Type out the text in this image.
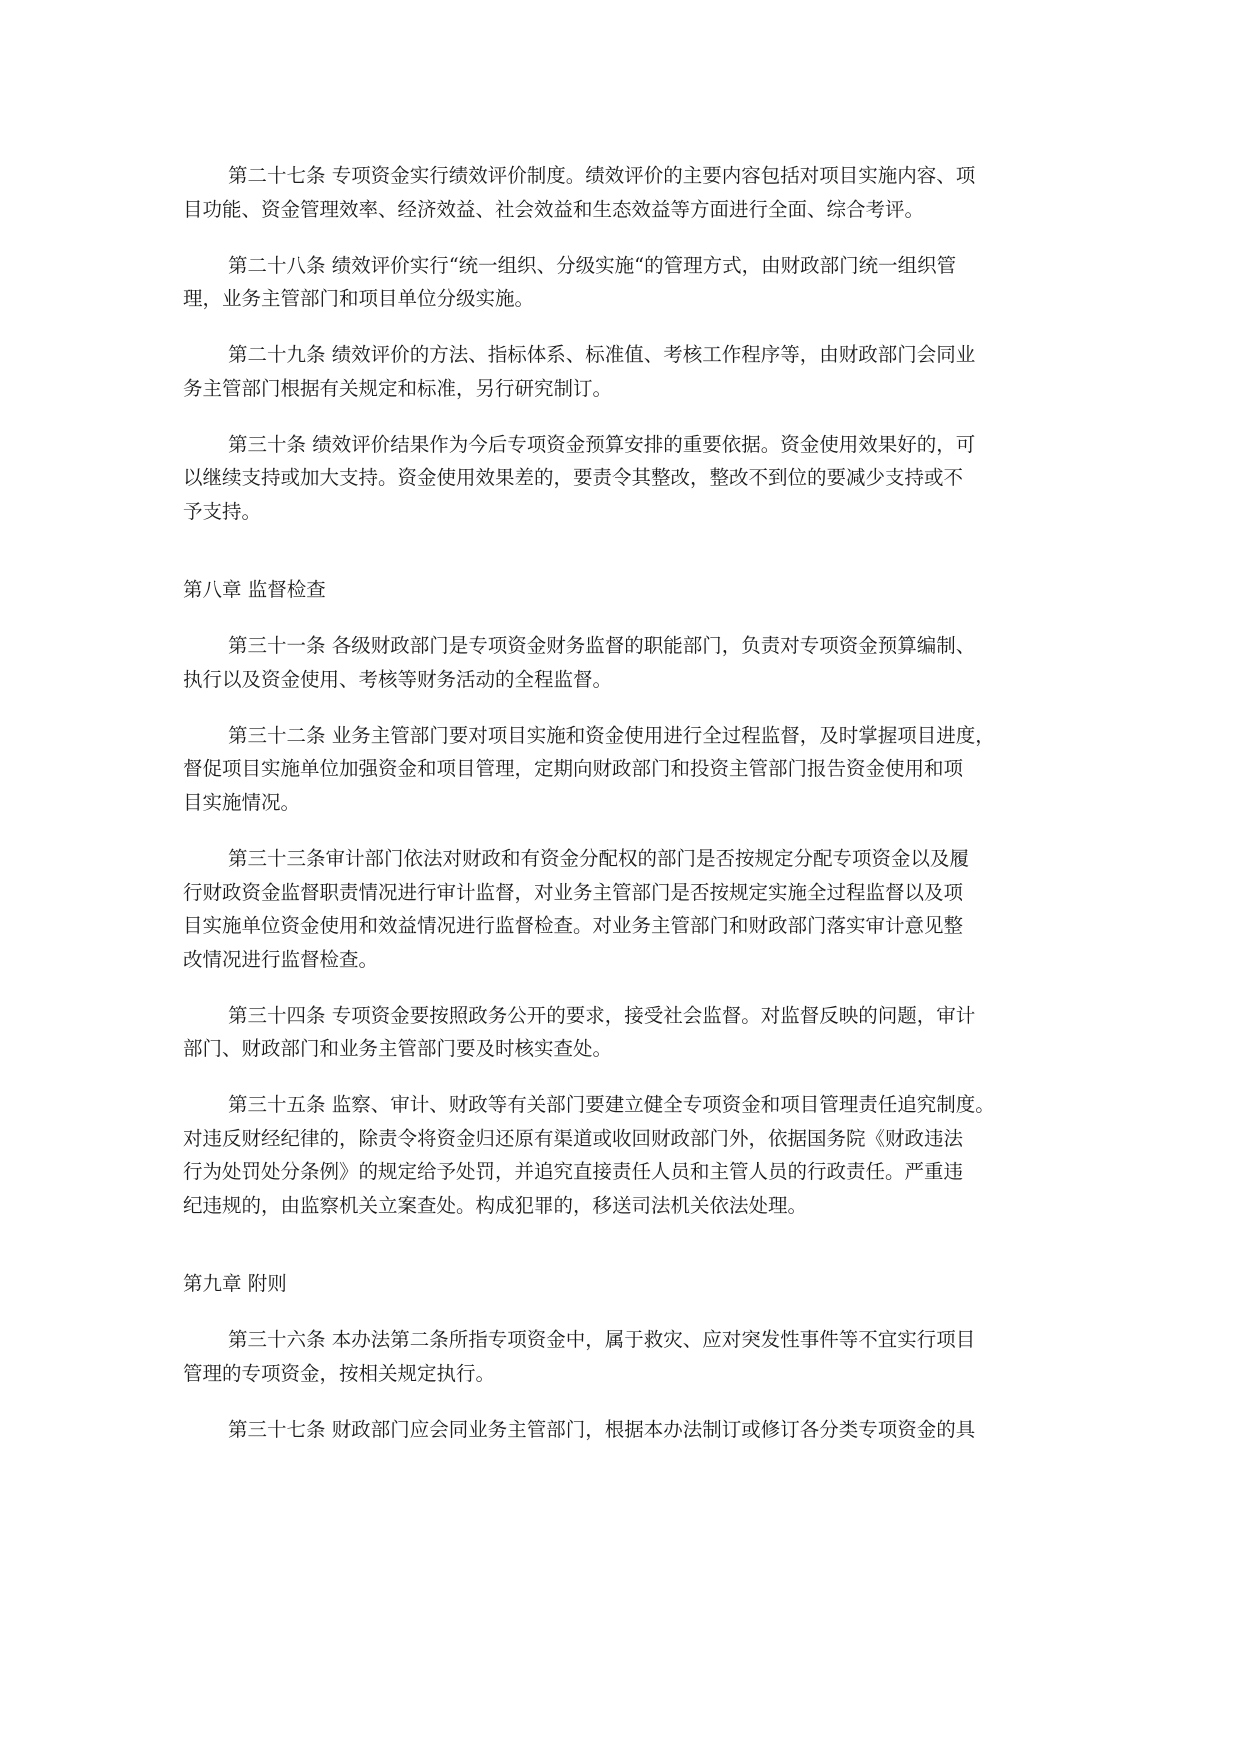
第二十七条 专项资金实行绩效评价制度。绩效评价的主要内容包括对项目实施内容、项

目功能、资金管理效率、经济效益、社会效益和生态效益等方面进行全面、综合考评。

第二十八条 绩效评价实行“统一组织、分级实施“的管理方式，由财政部门统一组织管

理，业务主管部门和项目单位分级实施。

第二十九条 绩效评价的方法、指标体系、标准值、考核工作程序等，由财政部门会同业

务主管部门根据有关规定和标准，另行研究制订。

第三十条 绩效评价结果作为今后专项资金预算安排的重要依据。资金使用效果好的，可

以继续支持或加大支持。资金使用效果差的，要责令其整改，整改不到位的要减少支持或不

予支持。

第八章 监督检查

第三十一条 各级财政部门是专项资金财务监督的职能部门，负责对专项资金预算编制、

执行以及资金使用、考核等财务活动的全程监督。

第三十二条 业务主管部门要对项目实施和资金使用进行全过程监督，及时掌握项目进度，

督促项目实施单位加强资金和项目管理，定期向财政部门和投资主管部门报告资金使用和项

目实施情况。

第三十三条审计部门依法对财政和有资金分配权的部门是否按规定分配专项资金以及履

行财政资金监督职责情况进行审计监督，对业务主管部门是否按规定实施全过程监督以及项

目实施单位资金使用和效益情况进行监督检查。对业务主管部门和财政部门落实审计意见整

改情况进行监督检查。

第三十四条 专项资金要按照政务公开的要求，接受社会监督。对监督反映的问题，审计

部门、财政部门和业务主管部门要及时核实查处。

第三十五条 监察、审计、财政等有关部门要建立健全专项资金和项目管理责任追究制度。

对违反财经纪律的，除责令将资金归还原有渠道或收回财政部门外，依据国务院《财政违法

行为处罚处分条例》的规定给予处罚，并追究直接责任人员和主管人员的行政责任。严重违

纪违规的，由监察机关立案查处。构成犯罪的，移送司法机关依法处理。

第九章 附则

第三十六条 本办法第二条所指专项资金中，属于救灾、应对突发性事件等不宜实行项目

管理的专项资金，按相关规定执行。

第三十七条 财政部门应会同业务主管部门，根据本办法制订或修订各分类专项资金的具
